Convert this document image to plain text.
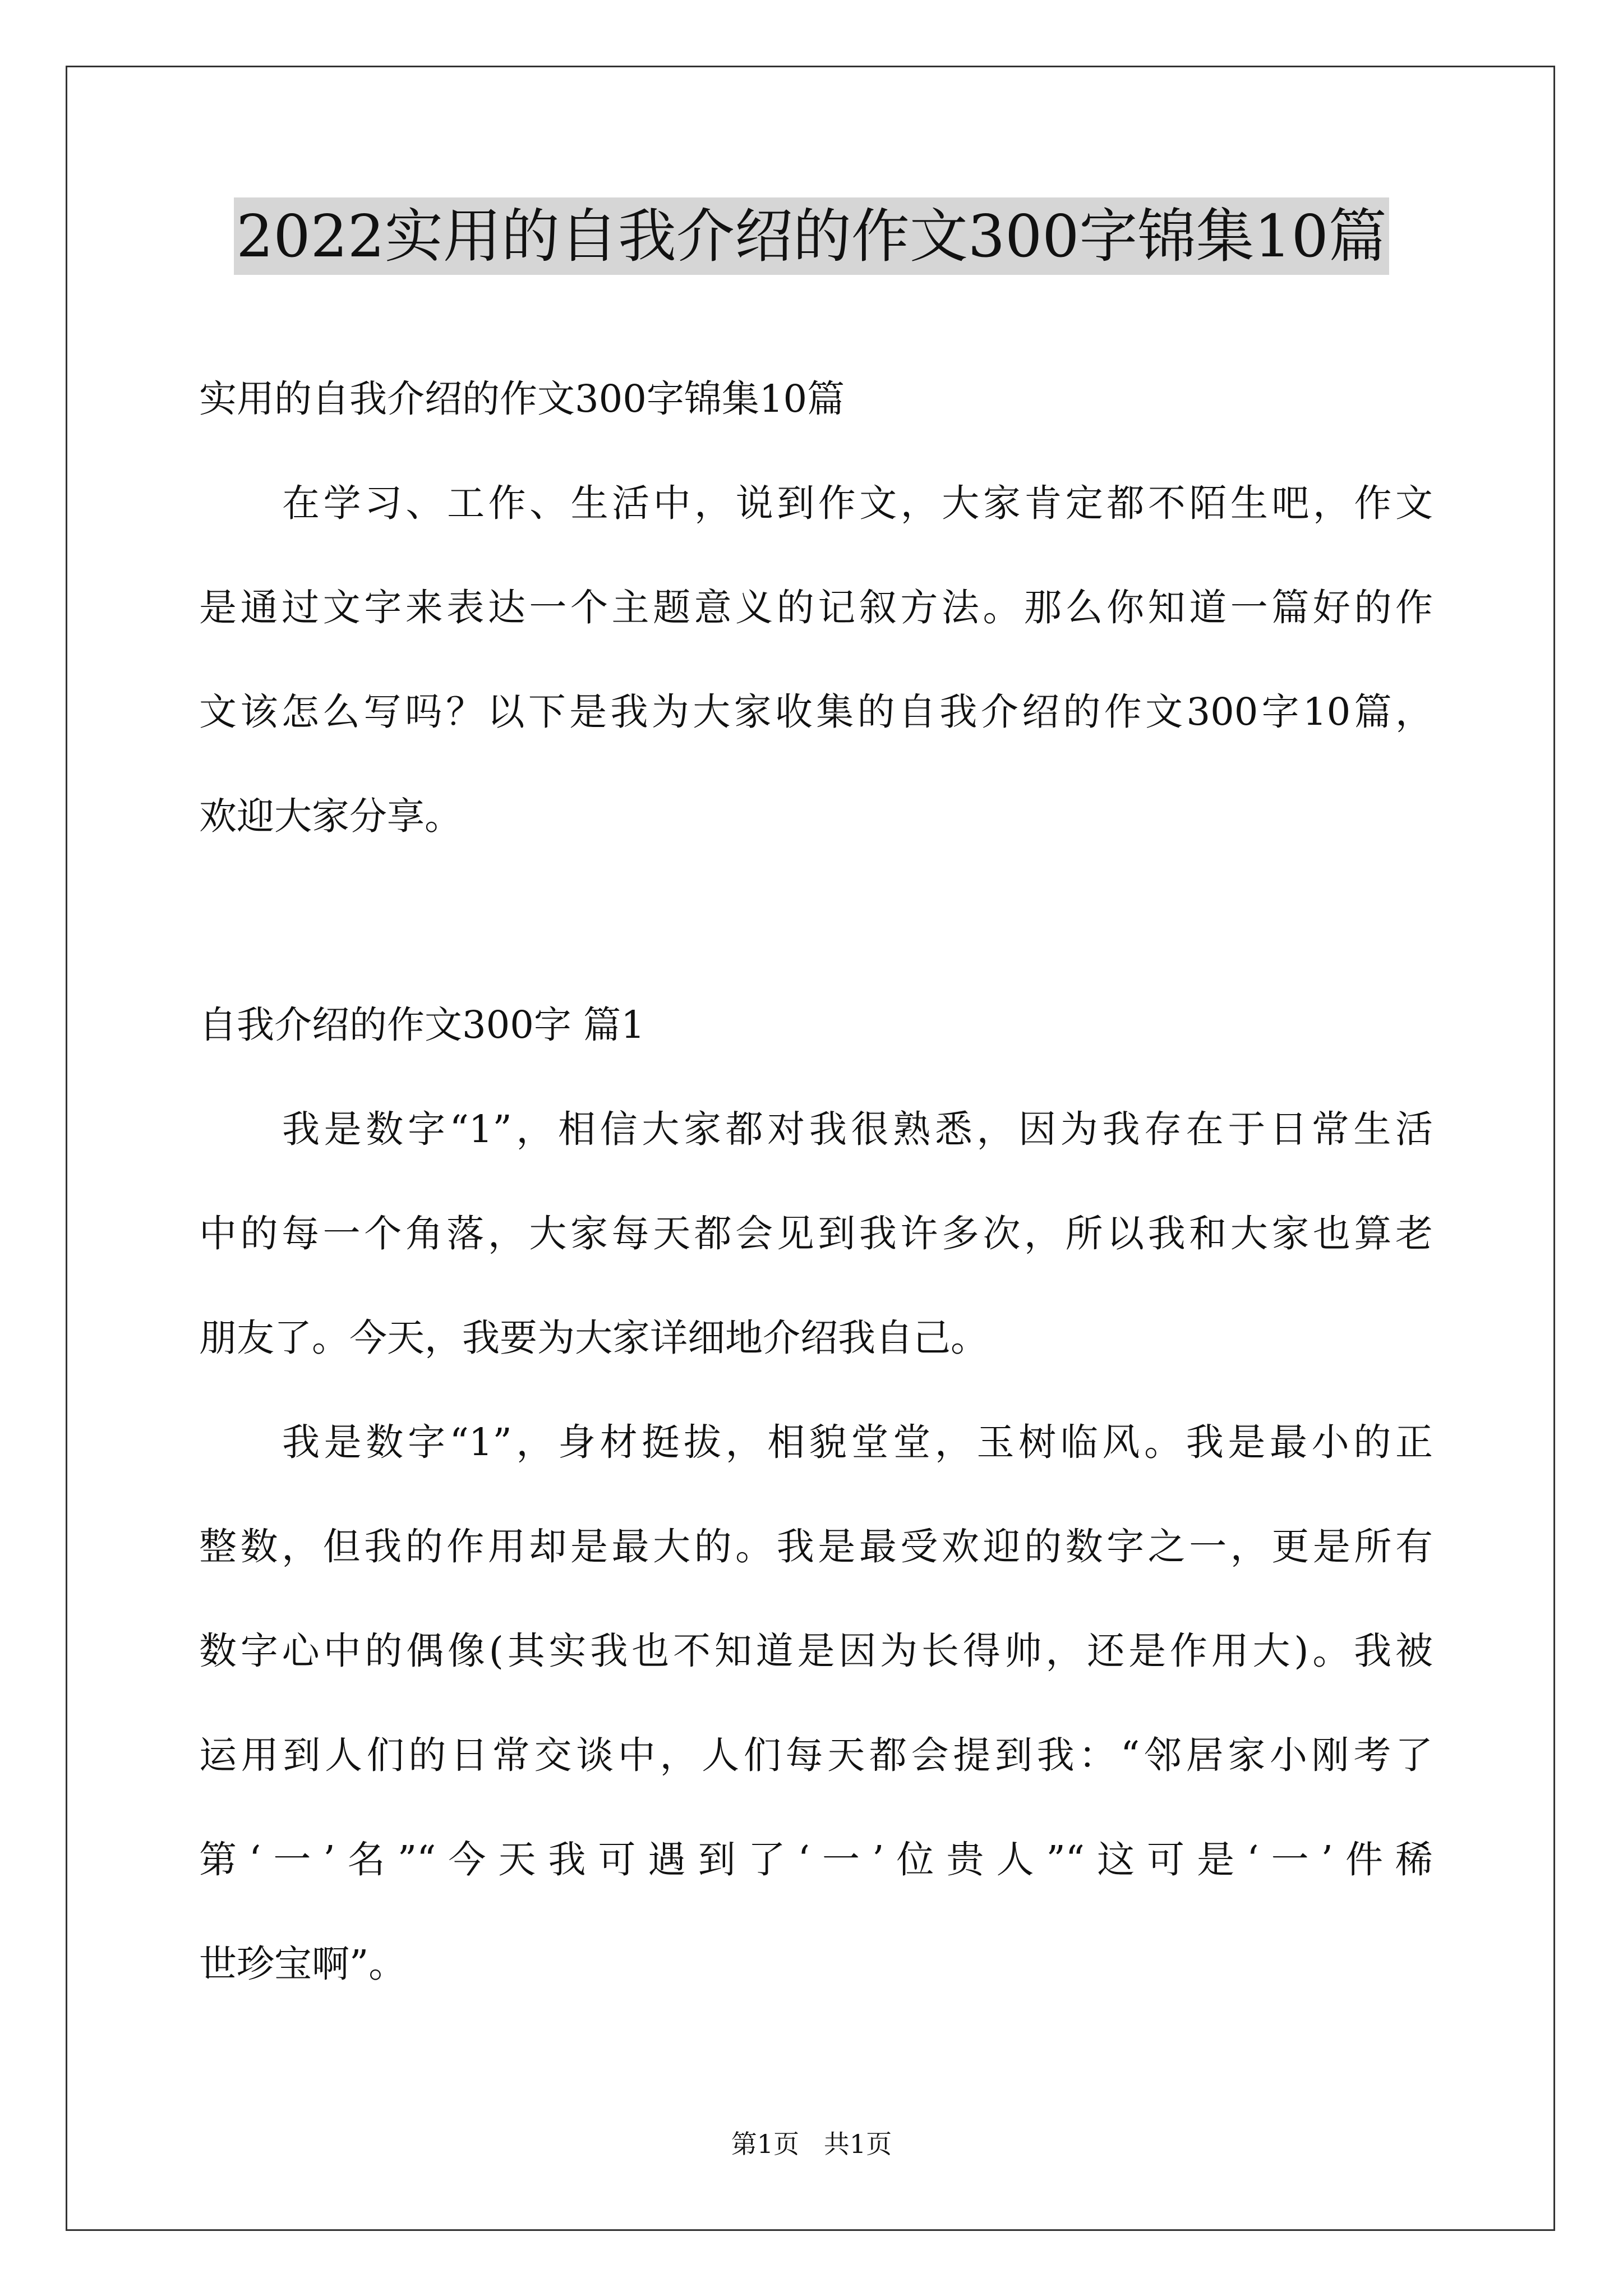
2022实用的自我介绍的作文300字锦集10篇
实用的自我介绍的作文300字锦集10篇
在学习、工作、生活中，说到作文，大家肯定都不陌生吧，作文
是通过文字来表达一个主题意义的记叙方法。那么你知道一篇好的作
文该怎么写吗？以下是我为大家收集的自我介绍的作文300字10篇，
欢迎大家分享。
自我介绍的作文300字 篇1
我是数字“1”，相信大家都对我很熟悉，因为我存在于日常生活
中的每一个角落，大家每天都会见到我许多次，所以我和大家也算老
朋友了。今天，我要为大家详细地介绍我自己。
我是数字“1”，身材挺拔，相貌堂堂，玉树临风。我是最小的正
整数，但我的作用却是最大的。我是最受欢迎的数字之一，更是所有
数字心中的偶像(其实我也不知道是因为长得帅，还是作用大)。我被
运用到人们的日常交谈中，人们每天都会提到我：“邻居家小刚考了
第‘一’名”“今天我可遇到了‘一’位贵人”“这可是‘一’件稀
世珍宝啊”。
第1页   共1页
